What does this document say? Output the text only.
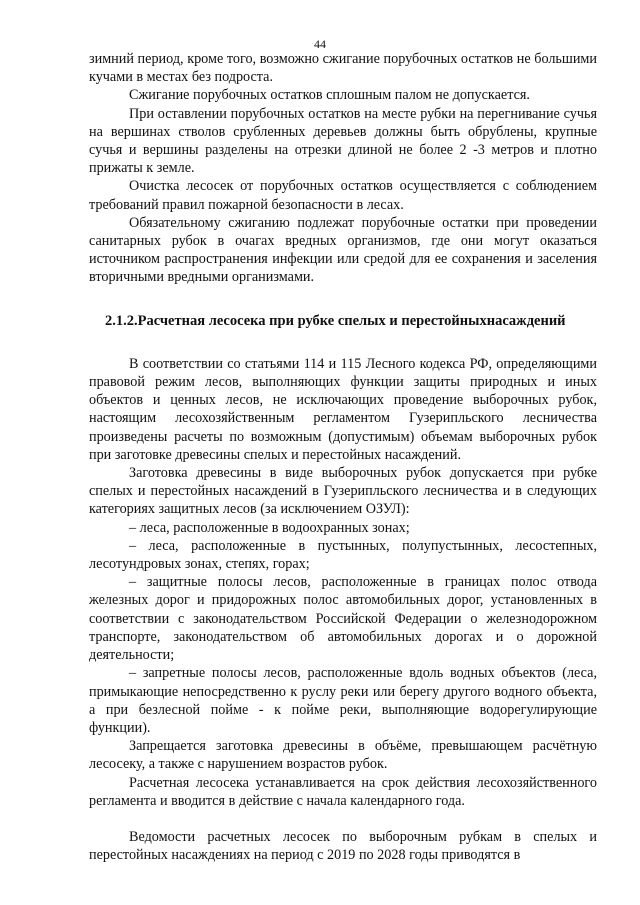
44

зимний период, кроме того, возможно сжигание порубочных остатков не большими кучами в местах без подроста.

Сжигание порубочных остатков сплошным палом не допускается.

При оставлении порубочных остатков на месте рубки на перегнивание сучья на вершинах стволов срубленных деревьев должны быть обрублены, крупные сучья и вершины разделены на отрезки длиной не более 2 -3 метров и плотно прижаты к земле.

Очистка лесосек от порубочных остатков осуществляется с соблюдением требований правил пожарной безопасности в лесах.

Обязательному сжиганию подлежат порубочные остатки при проведении санитарных рубок в очагах вредных организмов, где они могут оказаться источником распространения инфекции или средой для ее сохранения и заселения вторичными вредными организмами.

2.1.2.Расчетная лесосека при рубке спелых и перестойныхнасаждений

В соответствии со статьями 114 и 115 Лесного кодекса РФ, определяющими правовой режим лесов, выполняющих функции защиты природных и иных объектов и ценных лесов, не исключающих проведение выборочных рубок, настоящим лесохозяйственным регламентом Гузерипльского лесничества произведены расчеты по возможным (допустимым) объемам выборочных рубок при заготовке древесины спелых и перестойных насаждений.

Заготовка древесины в виде выборочных рубок допускается при рубке спелых и перестойных насаждений в Гузерипльского лесничества и в следующих категориях защитных лесов (за исключением ОЗУЛ):

– леса, расположенные в водоохранных зонах;

– леса, расположенные в пустынных, полупустынных, лесостепных, лесотундровых зонах, степях, горах;

– защитные полосы лесов, расположенные в границах полос отвода железных дорог и придорожных полос автомобильных дорог, установленных в соответствии с законодательством Российской Федерации о железнодорожном транспорте, законодательством об автомобильных дорогах и о дорожной деятельности;

– запретные полосы лесов, расположенные вдоль водных объектов (леса, примыкающие непосредственно к руслу реки или берегу другого водного объекта, а при безлесной пойме - к пойме реки, выполняющие водорегулирующие функции).

Запрещается заготовка древесины в объёме, превышающем расчётную лесосеку, а также с нарушением возрастов рубок.

Расчетная лесосека устанавливается на срок действия лесохозяйственного регламента и вводится в действие с начала календарного года.

Ведомости расчетных лесосек по выборочным рубкам в спелых и перестойных насаждениях на период с 2019 по 2028 годы приводятся в
